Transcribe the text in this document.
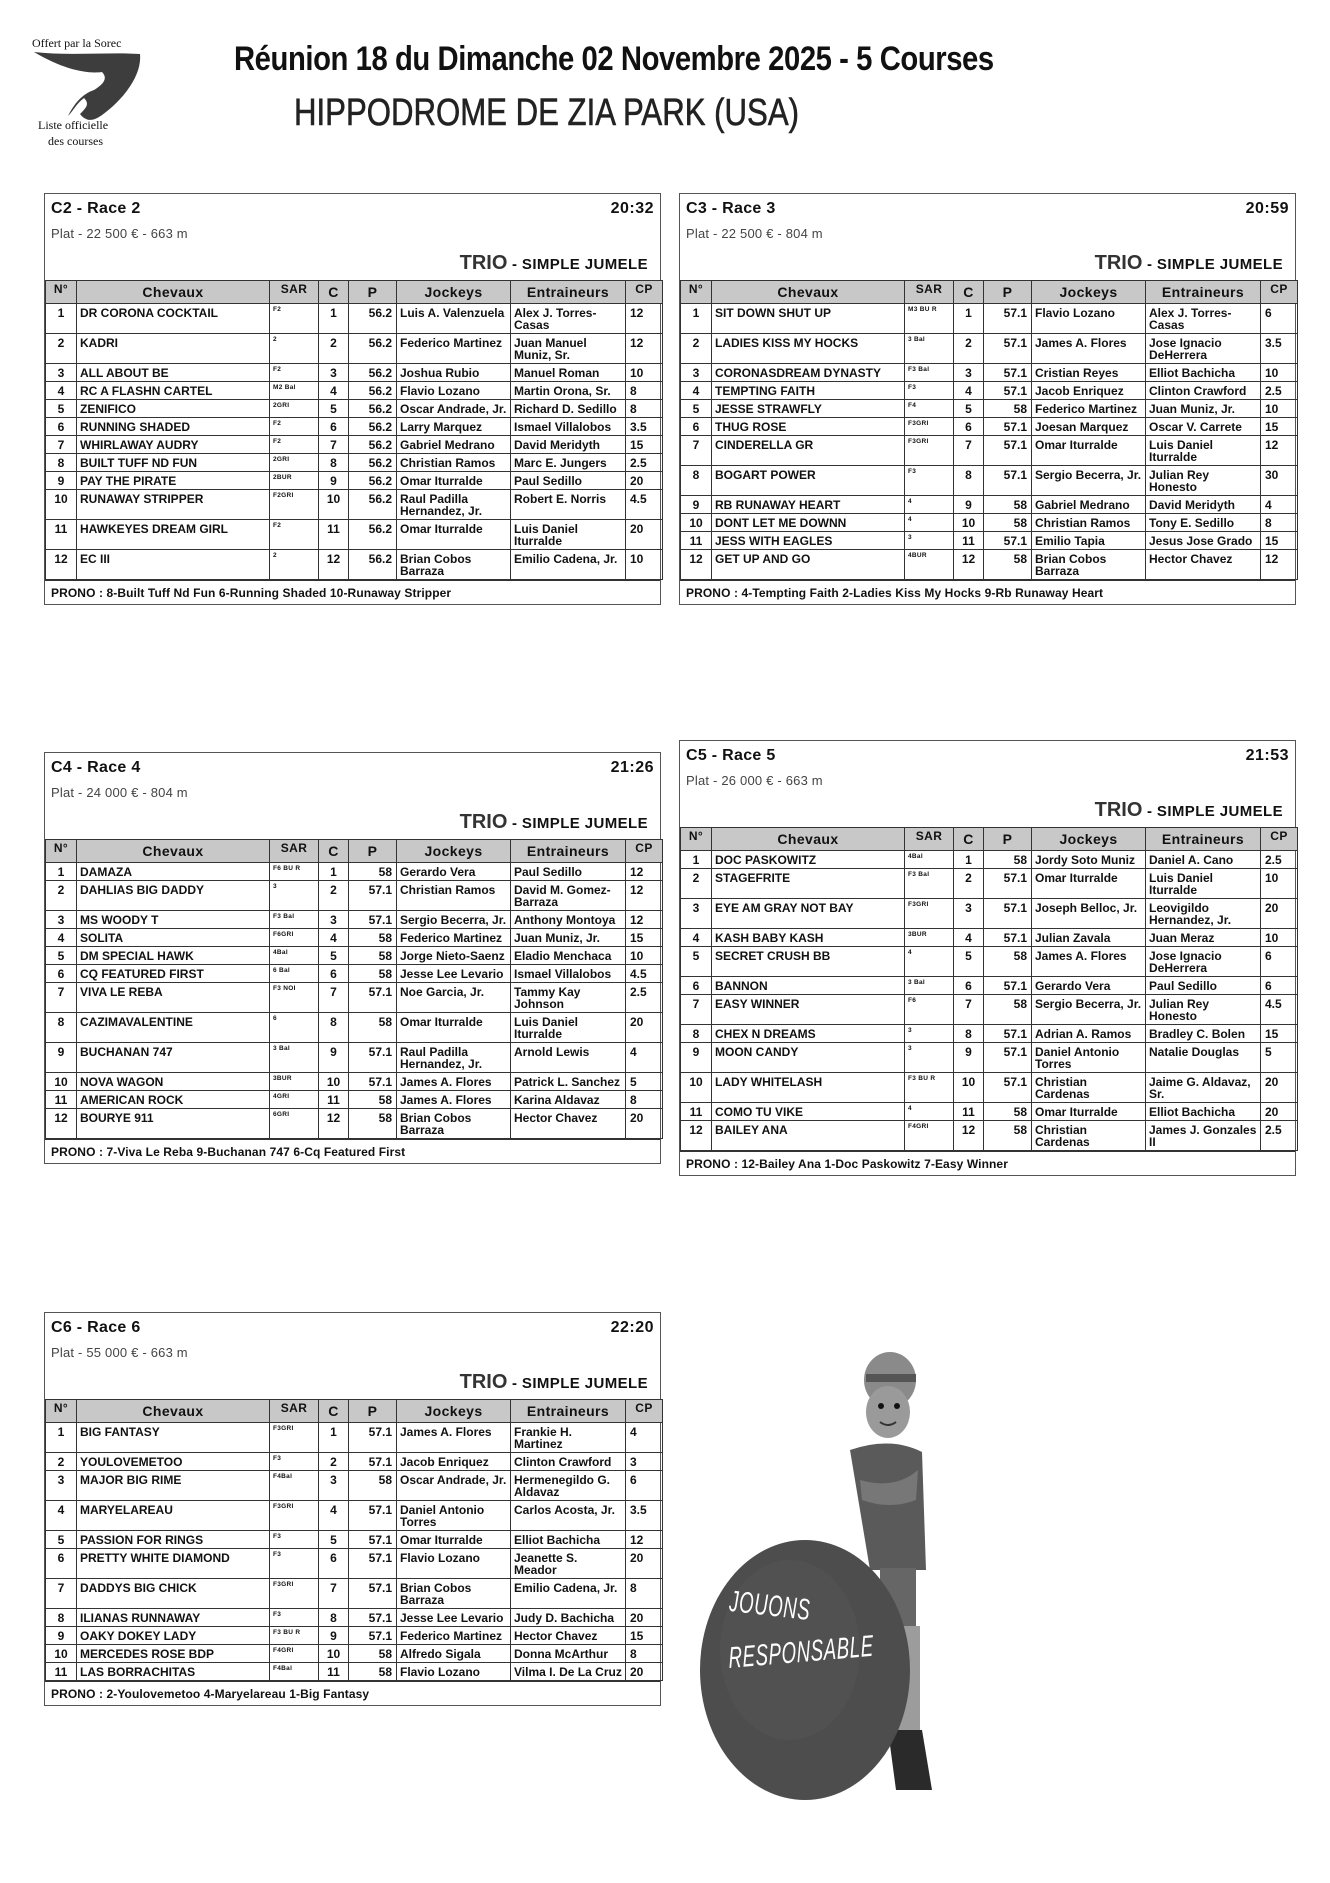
Offert par la Sorec
Liste officielle
des courses
Réunion 18 du Dimanche 02 Novembre 2025 - 5 Courses
HIPPODROME DE ZIA PARK (USA)
C2 - Race 2	20:32
Plat - 22 500 € - 663 m
TRIO - SIMPLE JUMELE
N°	Chevaux	SAR	C	P	Jockeys	Entraineurs	CP
1	DR CORONA COCKTAIL	F2	1	56.2	Luis A. Valenzuela	Alex J. Torres-Casas	12
2	KADRI	2	2	56.2	Federico Martinez	Juan Manuel Muniz, Sr.	12
3	ALL ABOUT BE	F2	3	56.2	Joshua Rubio	Manuel Roman	10
4	RC A FLASHN CARTEL	M2 Bal	4	56.2	Flavio Lozano	Martin Orona, Sr.	8
5	ZENIFICO	2GRI	5	56.2	Oscar Andrade, Jr.	Richard D. Sedillo	8
6	RUNNING SHADED	F2	6	56.2	Larry Marquez	Ismael Villalobos	3.5
7	WHIRLAWAY AUDRY	F2	7	56.2	Gabriel Medrano	David Meridyth	15
8	BUILT TUFF ND FUN	2GRI	8	56.2	Christian Ramos	Marc E. Jungers	2.5
9	PAY THE PIRATE	2BUR	9	56.2	Omar Iturralde	Paul Sedillo	20
10	RUNAWAY STRIPPER	F2GRI	10	56.2	Raul Padilla Hernandez, Jr.	Robert E. Norris	4.5
11	HAWKEYES DREAM GIRL	F2	11	56.2	Omar Iturralde	Luis Daniel Iturralde	20
12	EC III	2	12	56.2	Brian Cobos Barraza	Emilio Cadena, Jr.	10
PRONO : 8-Built Tuff Nd Fun 6-Running Shaded 10-Runaway Stripper
C3 - Race 3	20:59
Plat - 22 500 € - 804 m
TRIO - SIMPLE JUMELE
N°	Chevaux	SAR	C	P	Jockeys	Entraineurs	CP
1	SIT DOWN SHUT UP	M3 BU R	1	57.1	Flavio Lozano	Alex J. Torres-Casas	6
2	LADIES KISS MY HOCKS	3 Bal	2	57.1	James A. Flores	Jose Ignacio DeHerrera	3.5
3	CORONASDREAM DYNASTY	F3 Bal	3	57.1	Cristian Reyes	Elliot Bachicha	10
4	TEMPTING FAITH	F3	4	57.1	Jacob Enriquez	Clinton Crawford	2.5
5	JESSE STRAWFLY	F4	5	58	Federico Martinez	Juan Muniz, Jr.	10
6	THUG ROSE	F3GRI	6	57.1	Joesan Marquez	Oscar V. Carrete	15
7	CINDERELLA GR	F3GRI	7	57.1	Omar Iturralde	Luis Daniel Iturralde	12
8	BOGART POWER	F3	8	57.1	Sergio Becerra, Jr.	Julian Rey Honesto	30
9	RB RUNAWAY HEART	4	9	58	Gabriel Medrano	David Meridyth	4
10	DONT LET ME DOWNN	4	10	58	Christian Ramos	Tony E. Sedillo	8
11	JESS WITH EAGLES	3	11	57.1	Emilio Tapia	Jesus Jose Grado	15
12	GET UP AND GO	4BUR	12	58	Brian Cobos Barraza	Hector Chavez	12
PRONO : 4-Tempting Faith 2-Ladies Kiss My Hocks 9-Rb Runaway Heart
C4 - Race 4	21:26
Plat - 24 000 € - 804 m
TRIO - SIMPLE JUMELE
N°	Chevaux	SAR	C	P	Jockeys	Entraineurs	CP
1	DAMAZA	F6 BU R	1	58	Gerardo Vera	Paul Sedillo	12
2	DAHLIAS BIG DADDY	3	2	57.1	Christian Ramos	David M. Gomez-Barraza	12
3	MS WOODY T	F3 Bal	3	57.1	Sergio Becerra, Jr.	Anthony Montoya	12
4	SOLITA	F6GRI	4	58	Federico Martinez	Juan Muniz, Jr.	15
5	DM SPECIAL HAWK	4Bal	5	58	Jorge Nieto-Saenz	Eladio Menchaca	10
6	CQ FEATURED FIRST	6 Bal	6	58	Jesse Lee Levario	Ismael Villalobos	4.5
7	VIVA LE REBA	F3 NOI	7	57.1	Noe Garcia, Jr.	Tammy Kay Johnson	2.5
8	CAZIMAVALENTINE	6	8	58	Omar Iturralde	Luis Daniel Iturralde	20
9	BUCHANAN 747	3 Bal	9	57.1	Raul Padilla Hernandez, Jr.	Arnold Lewis	4
10	NOVA WAGON	3BUR	10	57.1	James A. Flores	Patrick L. Sanchez	5
11	AMERICAN ROCK	4GRI	11	58	James A. Flores	Karina Aldavaz	8
12	BOURYE 911	6GRI	12	58	Brian Cobos Barraza	Hector Chavez	20
PRONO : 7-Viva Le Reba 9-Buchanan 747 6-Cq Featured First
C5 - Race 5	21:53
Plat - 26 000 € - 663 m
TRIO - SIMPLE JUMELE
N°	Chevaux	SAR	C	P	Jockeys	Entraineurs	CP
1	DOC PASKOWITZ	4Bal	1	58	Jordy Soto Muniz	Daniel A. Cano	2.5
2	STAGEFRITE	F3 Bal	2	57.1	Omar Iturralde	Luis Daniel Iturralde	10
3	EYE AM GRAY NOT BAY	F3GRI	3	57.1	Joseph Belloc, Jr.	Leovigildo Hernandez, Jr.	20
4	KASH BABY KASH	3BUR	4	57.1	Julian Zavala	Juan Meraz	10
5	SECRET CRUSH BB	4	5	58	James A. Flores	Jose Ignacio DeHerrera	6
6	BANNON	3 Bal	6	57.1	Gerardo Vera	Paul Sedillo	6
7	EASY WINNER	F6	7	58	Sergio Becerra, Jr.	Julian Rey Honesto	4.5
8	CHEX N DREAMS	3	8	57.1	Adrian A. Ramos	Bradley C. Bolen	15
9	MOON CANDY	3	9	57.1	Daniel Antonio Torres	Natalie Douglas	5
10	LADY WHITELASH	F3 BU R	10	57.1	Christian Cardenas	Jaime G. Aldavaz, Sr.	20
11	COMO TU VIKE	4	11	58	Omar Iturralde	Elliot Bachicha	20
12	BAILEY ANA	F4GRI	12	58	Christian Cardenas	James J. Gonzales II	2.5
PRONO : 12-Bailey Ana 1-Doc Paskowitz 7-Easy Winner
C6 - Race 6	22:20
Plat - 55 000 € - 663 m
TRIO - SIMPLE JUMELE
N°	Chevaux	SAR	C	P	Jockeys	Entraineurs	CP
1	BIG FANTASY	F3GRI	1	57.1	James A. Flores	Frankie H. Martinez	4
2	YOULOVEMETOO	F3	2	57.1	Jacob Enriquez	Clinton Crawford	3
3	MAJOR BIG RIME	F4Bal	3	58	Oscar Andrade, Jr.	Hermenegildo G. Aldavaz	6
4	MARYELAREAU	F3GRI	4	57.1	Daniel Antonio Torres	Carlos Acosta, Jr.	3.5
5	PASSION FOR RINGS	F3	5	57.1	Omar Iturralde	Elliot Bachicha	12
6	PRETTY WHITE DIAMOND	F3	6	57.1	Flavio Lozano	Jeanette S. Meador	20
7	DADDYS BIG CHICK	F3GRI	7	57.1	Brian Cobos Barraza	Emilio Cadena, Jr.	8
8	ILIANAS RUNNAWAY	F3	8	57.1	Jesse Lee Levario	Judy D. Bachicha	20
9	OAKY DOKEY LADY	F3 BU R	9	57.1	Federico Martinez	Hector Chavez	15
10	MERCEDES ROSE BDP	F4GRI	10	58	Alfredo Sigala	Donna McArthur	8
11	LAS BORRACHITAS	F4Bal	11	58	Flavio Lozano	Vilma I. De La Cruz	20
PRONO : 2-Youlovemetoo 4-Maryelareau 1-Big Fantasy
JOUONS
RESPONSABLE
